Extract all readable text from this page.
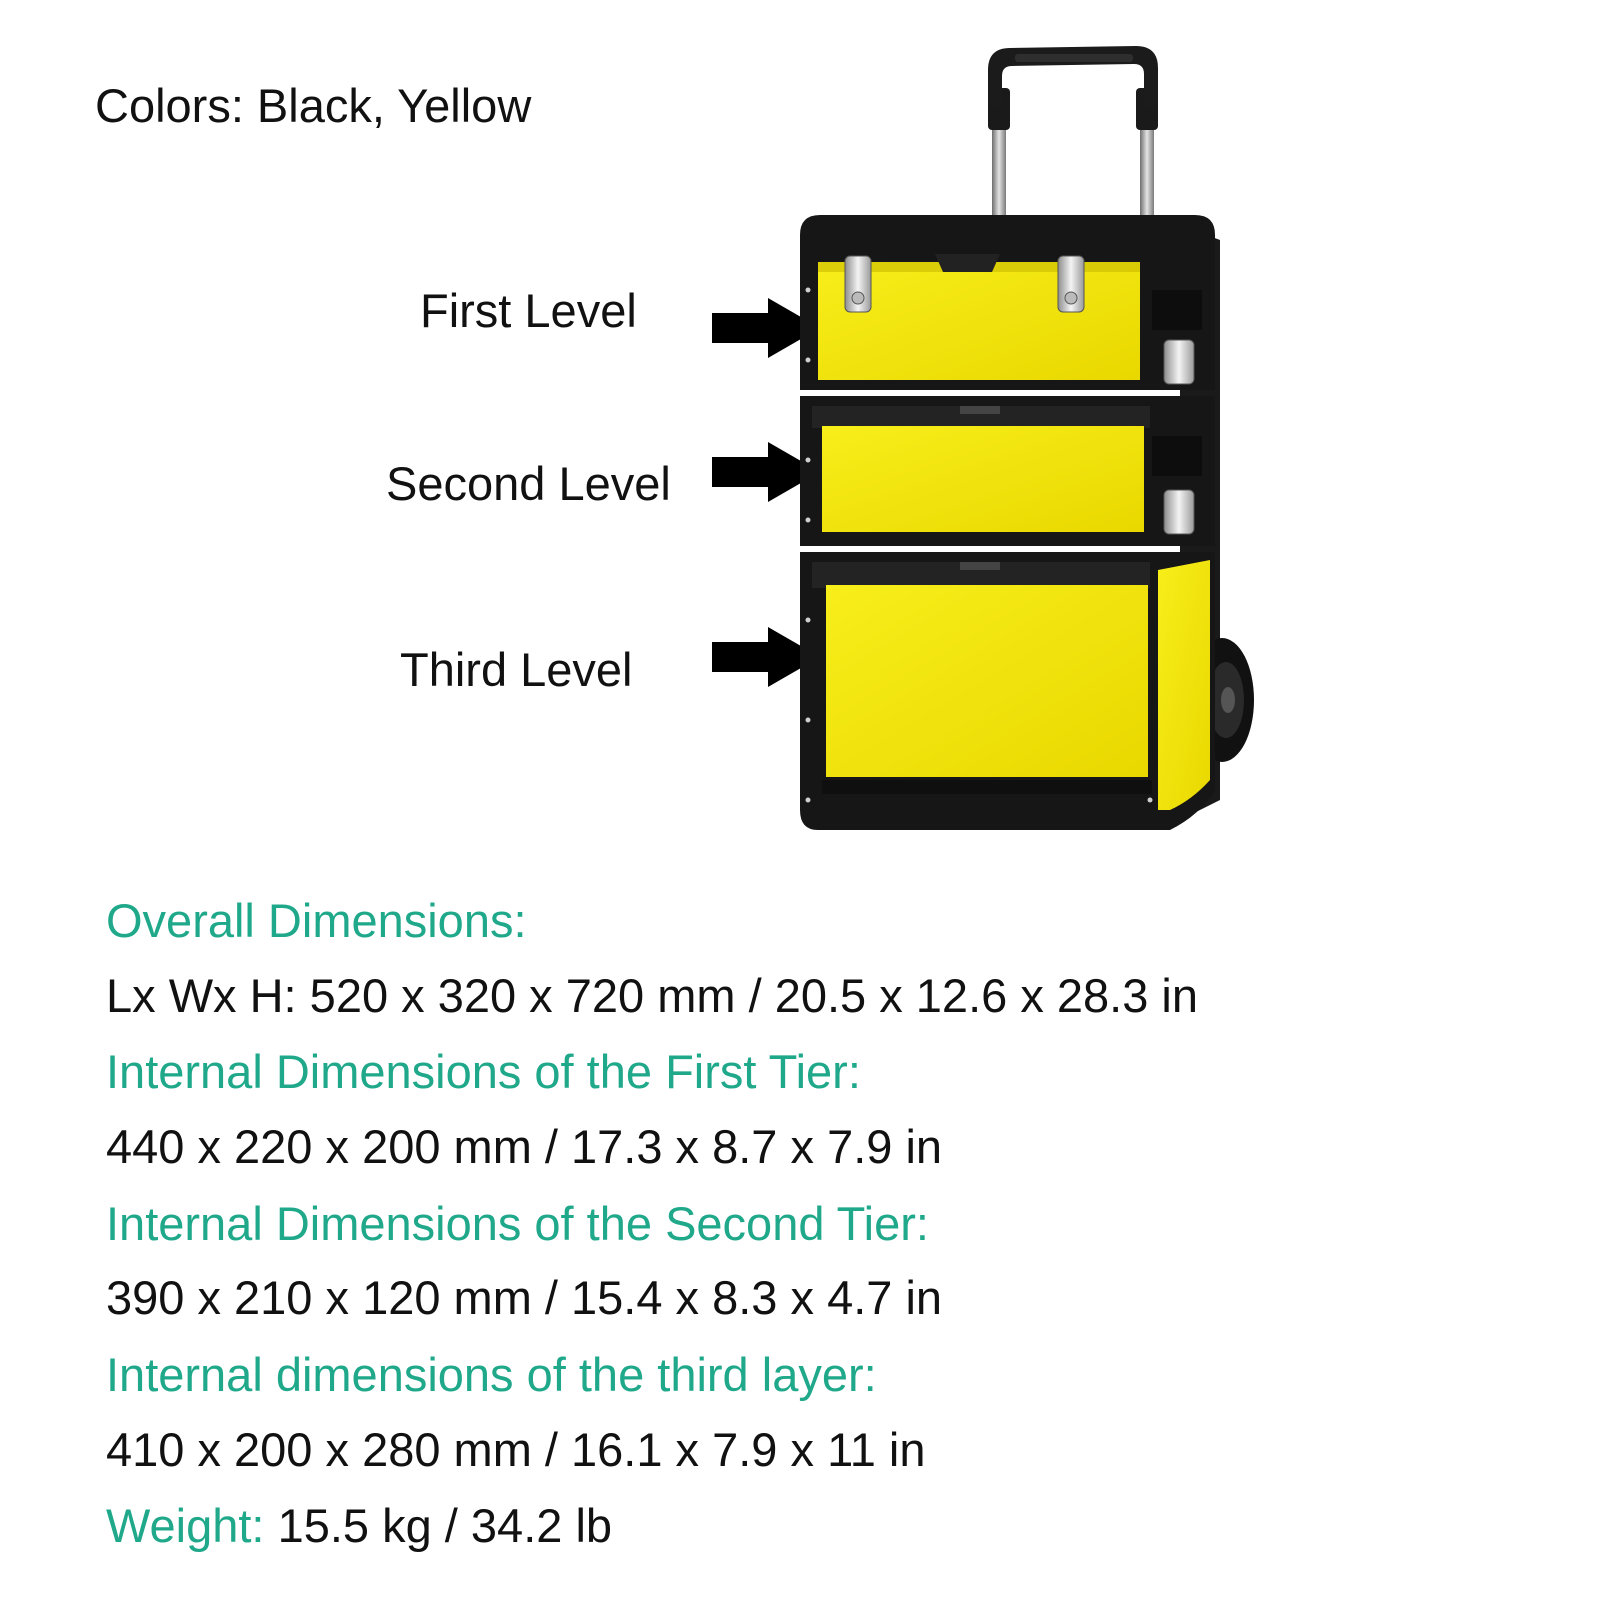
Colors: Black, Yellow
First Level
Second Level
Third Level
Overall Dimensions:
Lx Wx H: 520 x 320 x 720 mm / 20.5 x 12.6 x 28.3 in
Internal Dimensions of the First Tier:
440 x 220 x 200 mm / 17.3 x 8.7 x 7.9 in
Internal Dimensions of the Second Tier:
390 x 210 x 120 mm / 15.4 x 8.3 x 4.7 in
Internal dimensions of the third layer:
410 x 200 x 280 mm / 16.1 x 7.9 x 11 in
Weight: 15.5 kg / 34.2 lb
